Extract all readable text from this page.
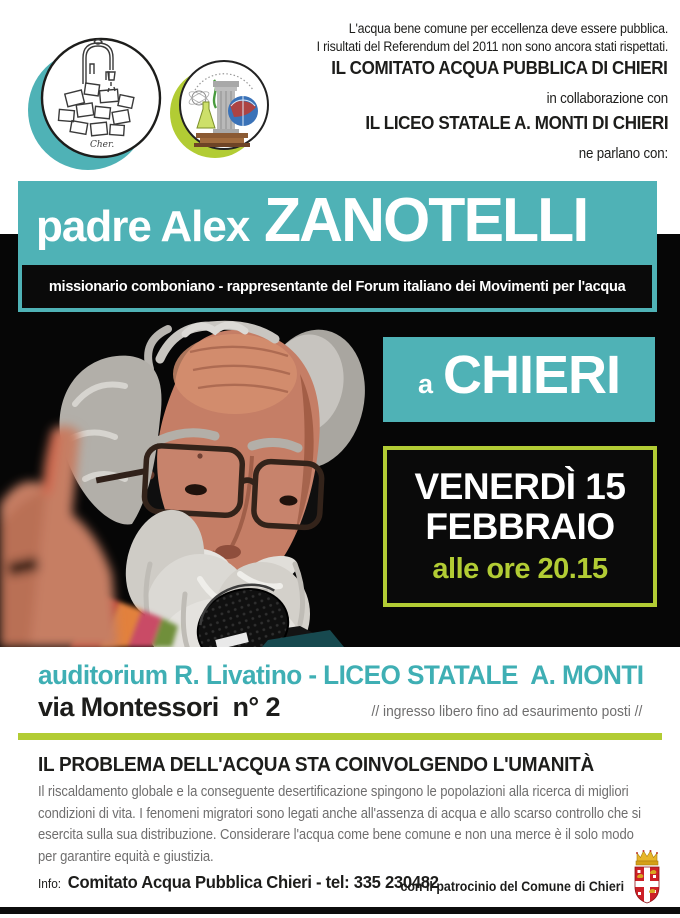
Cher.
L'acqua bene comune per eccellenza deve essere pubblica.
I risultati del Referendum del 2011 non sono ancora stati rispettati.
IL COMITATO ACQUA PUBBLICA DI CHIERI
in collaborazione con
IL LICEO STATALE A. MONTI DI CHIERI
ne parlano con:
padre Alex ZANOTELLI
missionario comboniano - rappresentante del Forum italiano dei Movimenti per l'acqua
a CHIERI
VENERDÌ 15
FEBBRAIO
alle ore 20.15
auditorium R. Livatino - LICEO STATALE  A. MONTI
via Montessori  n° 2	// ingresso libero fino ad esaurimento posti //
IL PROBLEMA DELL'ACQUA STA COINVOLGENDO L'UMANITÀ
Il riscaldamento globale e la conseguente desertificazione spingono le popolazioni alla ricerca di migliori condizioni di vita. I fenomeni migratori sono legati anche all'assenza di acqua e allo scarso controllo che si esercita sulla sua distribuzione. Considerare l'acqua come bene comune e non una merce è il solo modo per garantire equità e giustizia.
Info: Comitato Acqua Pubblica Chieri - tel: 335 230482
con il patrocinio del Comune di Chieri
